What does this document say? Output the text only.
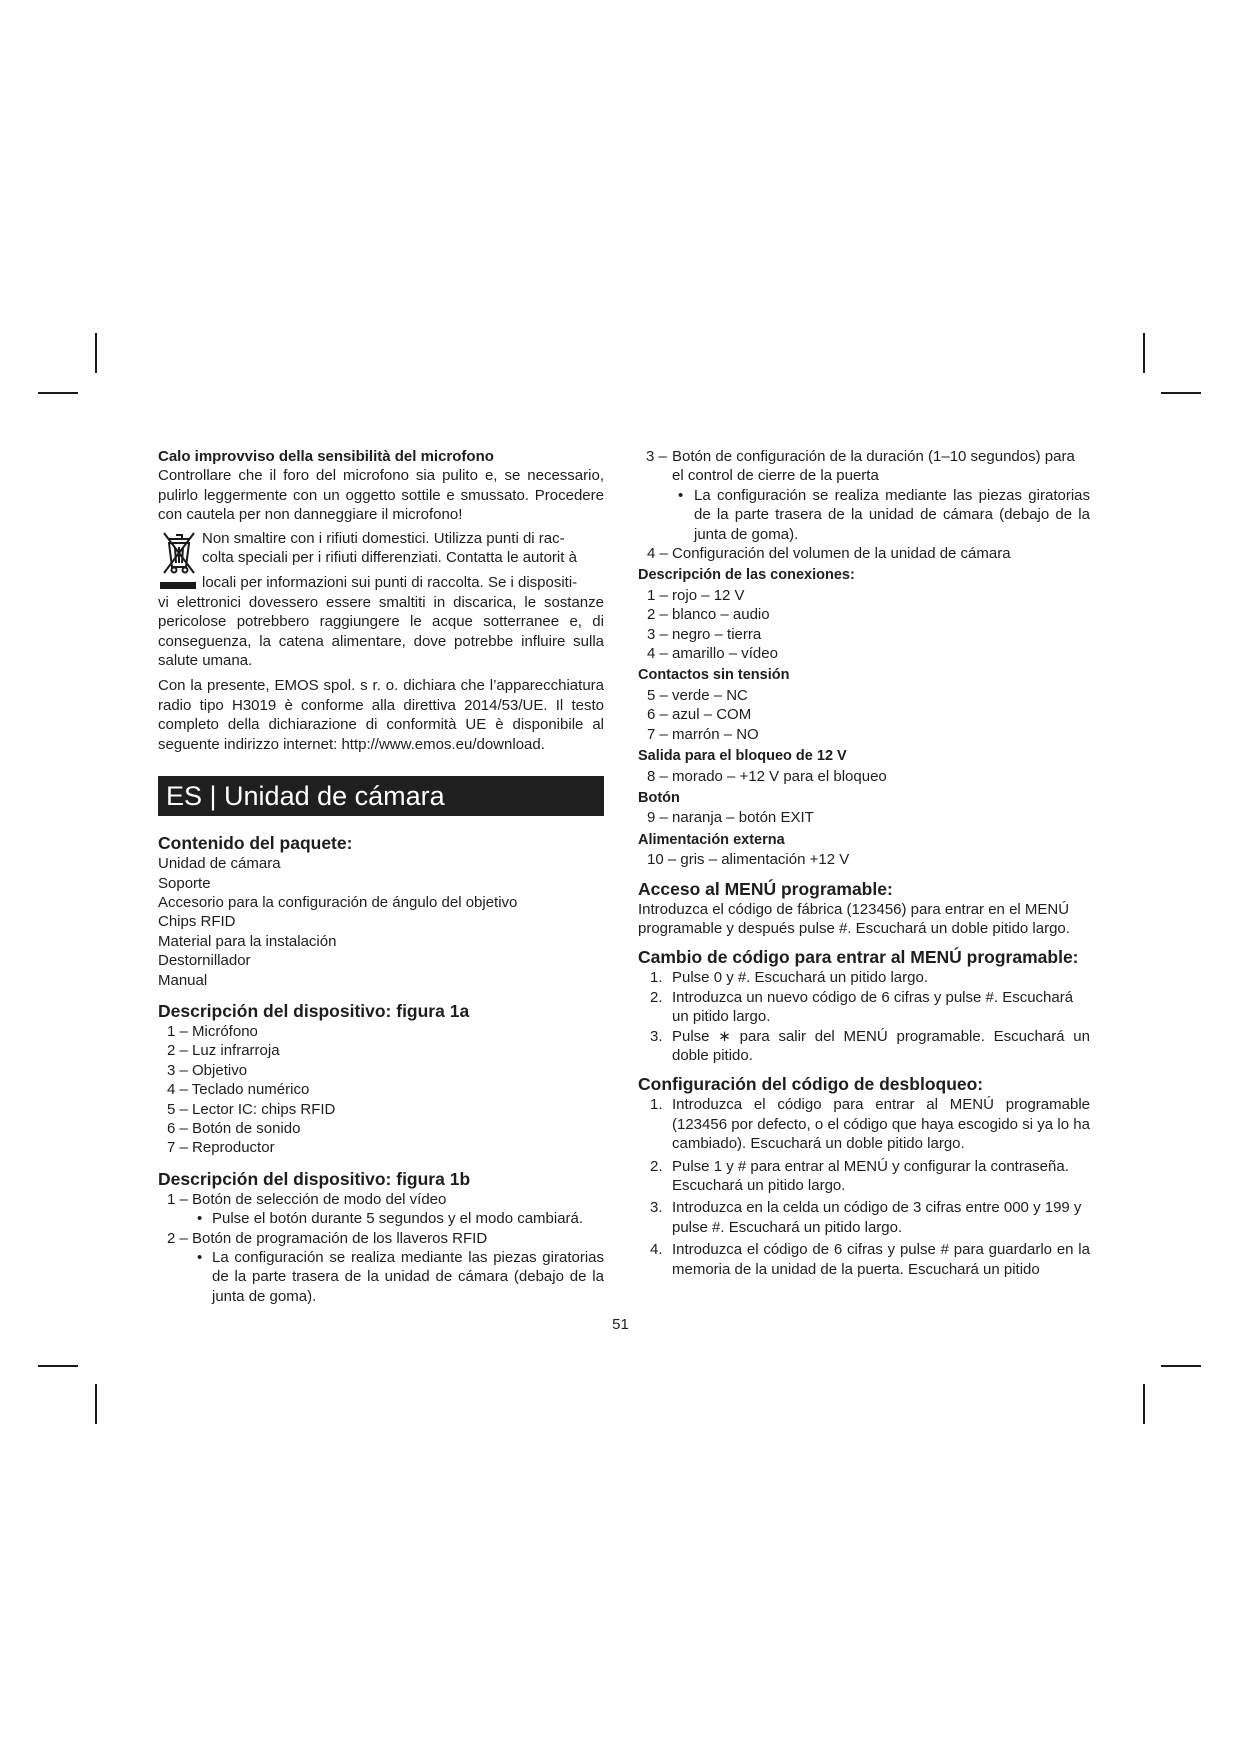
Calo improvviso della sensibilità del microfono

Controllare che il foro del microfono sia pulito e, se necessario, pulirlo leggermente con un oggetto sottile e smussato. Procedere con cautela per non danneggiare il microfono!

Non smaltire con i rifiuti domestici. Utilizza punti di rac-

colta speciali per i rifiuti differenziati. Contatta le autorit à

locali per informazioni sui punti di raccolta. Se i dispositi-

vi elettronici dovessero essere smaltiti in discarica, le sostanze pericolose potrebbero raggiungere le acque sotterranee e, di conseguenza, la catena alimentare, dove potrebbe influire sulla salute umana.

Con la presente, EMOS spol. s r. o. dichiara che l’apparecchiatura radio tipo H3019 è conforme alla direttiva 2014/53/UE. Il testo completo della dichiarazione di conformità UE è disponibile al seguente indirizzo internet: http://www.emos.eu/download.

ES | Unidad de cámara

Contenido del paquete:

Unidad de cámara

Soporte

Accesorio para la configuración de ángulo del objetivo

Chips RFID

Material para la instalación

Destornillador

Manual

Descripción del dispositivo: figura 1a

1 – Micrófono

2 – Luz infrarroja

3 – Objetivo

4 – Teclado numérico

5 – Lector IC: chips RFID

6 – Botón de sonido

7 – Reproductor

Descripción del dispositivo: figura 1b

1 – Botón de selección de modo del vídeo

• Pulse el botón durante 5 segundos y el modo cambiará.

2 – Botón de programación de los llaveros RFID

• La configuración se realiza mediante las piezas giratorias de la parte trasera de la unidad de cámara (debajo de la junta de goma).

3 – Botón de configuración de la duración (1–10 segundos) para el control de cierre de la puerta

• La configuración se realiza mediante las piezas giratorias de la parte trasera de la unidad de cámara (debajo de la junta de goma).

4 – Configuración del volumen de la unidad de cámara

Descripción de las conexiones:

1 – rojo – 12 V

2 – blanco – audio

3 – negro – tierra

4 – amarillo – vídeo

Contactos sin tensión

5 – verde – NC

6 – azul – COM

7 – marrón – NO

Salida para el bloqueo de 12 V

8 – morado – +12 V para el bloqueo

Botón

9 – naranja – botón EXIT

Alimentación externa

10 – gris – alimentación +12 V

Acceso al MENÚ programable:

Introduzca el código de fábrica (123456) para entrar en el MENÚ programable y después pulse #. Escuchará un doble pitido largo.

Cambio de código para entrar al MENÚ programable:

1. Pulse 0 y #. Escuchará un pitido largo.

2. Introduzca un nuevo código de 6 cifras y pulse #. Escuchará un pitido largo.

3. Pulse ∗ para salir del MENÚ programable. Escuchará un doble pitido.

Configuración del código de desbloqueo:

1. Introduzca el código para entrar al MENÚ programable (123456 por defecto, o el código que haya escogido si ya lo ha cambiado). Escuchará un doble pitido largo.

2. Pulse 1 y # para entrar al MENÚ y configurar la contraseña. Escuchará un pitido largo.

3. Introduzca en la celda un código de 3 cifras entre 000 y 199 y pulse #. Escuchará un pitido largo.

4. Introduzca el código de 6 cifras y pulse # para guardarlo en la memoria de la unidad de la puerta. Escuchará un pitido

51
